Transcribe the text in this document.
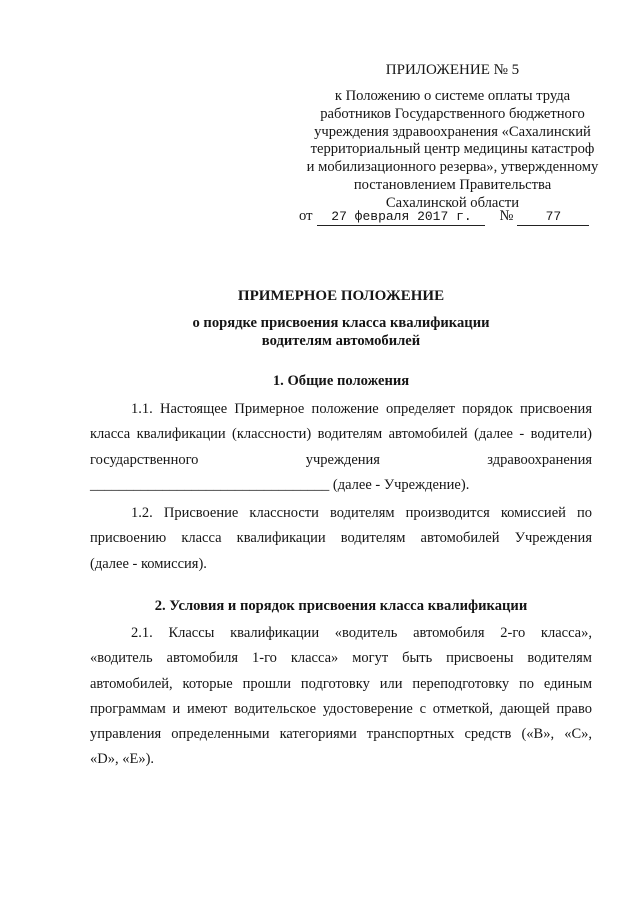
ПРИЛОЖЕНИЕ № 5
к Положению о системе оплаты труда
работников Государственного бюджетного
учреждения здравоохранения «Сахалинский
территориальный центр медицины катастроф
и мобилизационного резерва», утвержденному
постановлением Правительства
Сахалинской области
от 27 февраля 2017 г. № 77
ПРИМЕРНОЕ ПОЛОЖЕНИЕ
о порядке присвоения класса квалификации
водителям автомобилей
1. Общие положения
1.1. Настоящее Примерное положение определяет порядок присвоения
класса квалификации (классности) водителям автомобилей (далее - водители)
государственного учреждения здравоохранения
_________________________________ (далее - Учреждение).
1.2. Присвоение классности водителям производится комиссией по
присвоению класса квалификации водителям автомобилей Учреждения
(далее - комиссия).
2. Условия и порядок присвоения класса квалификации
2.1. Классы квалификации «водитель автомобиля 2-го класса»,
«водитель автомобиля 1-го класса» могут быть присвоены водителям
автомобилей, которые прошли подготовку или переподготовку по единым
программам и имеют водительское удостоверение с отметкой, дающей право
управления определенными категориями транспортных средств («B», «C»,
«D», «E»).
